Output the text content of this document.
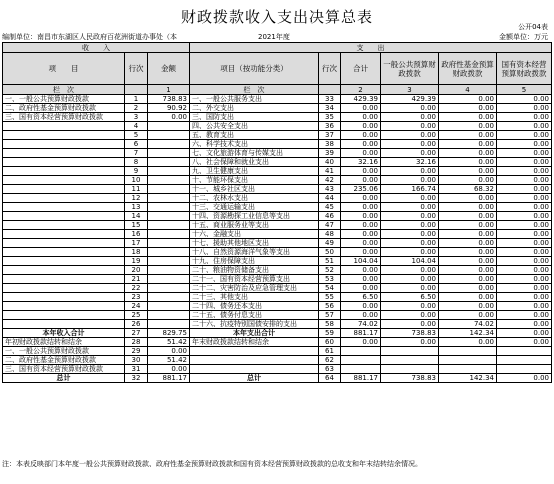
财政拨款收入支出决算总表
公开04表
编制单位：南昌市东湖区人民政府百花洲街道办事处（本	2021年度	金额单位：万元
收　　入			支　　出					
项　　目	行次	金额	项目（按功能分类）	行次	合计	一般公共预算财政拨款	政府性基金预算财政拨款	国有资本经营预算财政拨款
栏　次		1	栏　次		2	3	4	5
一、一般公共预算财政拨款	1	738.83	一、一般公共服务支出	33	429.39	429.39	0.00	0.00
二、政府性基金预算财政拨款	2	90.92	二、外交支出	34	0.00	0.00	0.00	0.00
三、国有资本经营预算财政拨款	3	0.00	三、国防支出	35	0.00	0.00	0.00	0.00
	4		四、公共安全支出	36	0.00	0.00	0.00	0.00
	5		五、教育支出	37	0.00	0.00	0.00	0.00
	6		六、科学技术支出	38	0.00	0.00	0.00	0.00
	7		七、文化旅游体育与传媒支出	39	0.00	0.00	0.00	0.00
	8		八、社会保障和就业支出	40	32.16	32.16	0.00	0.00
	9		九、卫生健康支出	41	0.00	0.00	0.00	0.00
	10		十、节能环保支出	42	0.00	0.00	0.00	0.00
	11		十一、城乡社区支出	43	235.06	166.74	68.32	0.00
	12		十二、农林水支出	44	0.00	0.00	0.00	0.00
	13		十三、交通运输支出	45	0.00	0.00	0.00	0.00
	14		十四、资源勘探工业信息等支出	46	0.00	0.00	0.00	0.00
	15		十五、商业服务业等支出	47	0.00	0.00	0.00	0.00
	16		十六、金融支出	48	0.00	0.00	0.00	0.00
	17		十七、援助其他地区支出	49	0.00	0.00	0.00	0.00
	18		十八、自然资源海洋气象等支出	50	0.00	0.00	0.00	0.00
	19		十九、住房保障支出	51	104.04	104.04	0.00	0.00
	20		二十、粮油物资储备支出	52	0.00	0.00	0.00	0.00
	21		二十一、国有资本经营预算支出	53	0.00	0.00	0.00	0.00
	22		二十二、灾害防治及应急管理支出	54	0.00	0.00	0.00	0.00
	23		二十三、其他支出	55	6.50	6.50	0.00	0.00
	24		二十四、债务还本支出	56	0.00	0.00	0.00	0.00
	25		二十五、债务付息支出	57	0.00	0.00	0.00	0.00
	26		二十六、抗疫特别国债安排的支出	58	74.02	0.00	74.02	0.00
本年收入合计	27	829.75	本年支出合计	59	881.17	738.83	142.34	0.00
年初财政拨款结转和结余	28	51.42	年末财政拨款结转和结余	60	0.00	0.00	0.00	0.00
一、一般公共预算财政拨款	29	0.00		61				
二、政府性基金预算财政拨款	30	51.42		62				
三、国有资本经营预算财政拨款	31	0.00		63				
总计	32	881.17	总计	64	881.17	738.83	142.34	0.00
注：本表反映部门本年度一般公共预算财政拨款、政府性基金预算财政拨款和国有资本经营预算财政拨款的总收支和年末结转结余情况。
